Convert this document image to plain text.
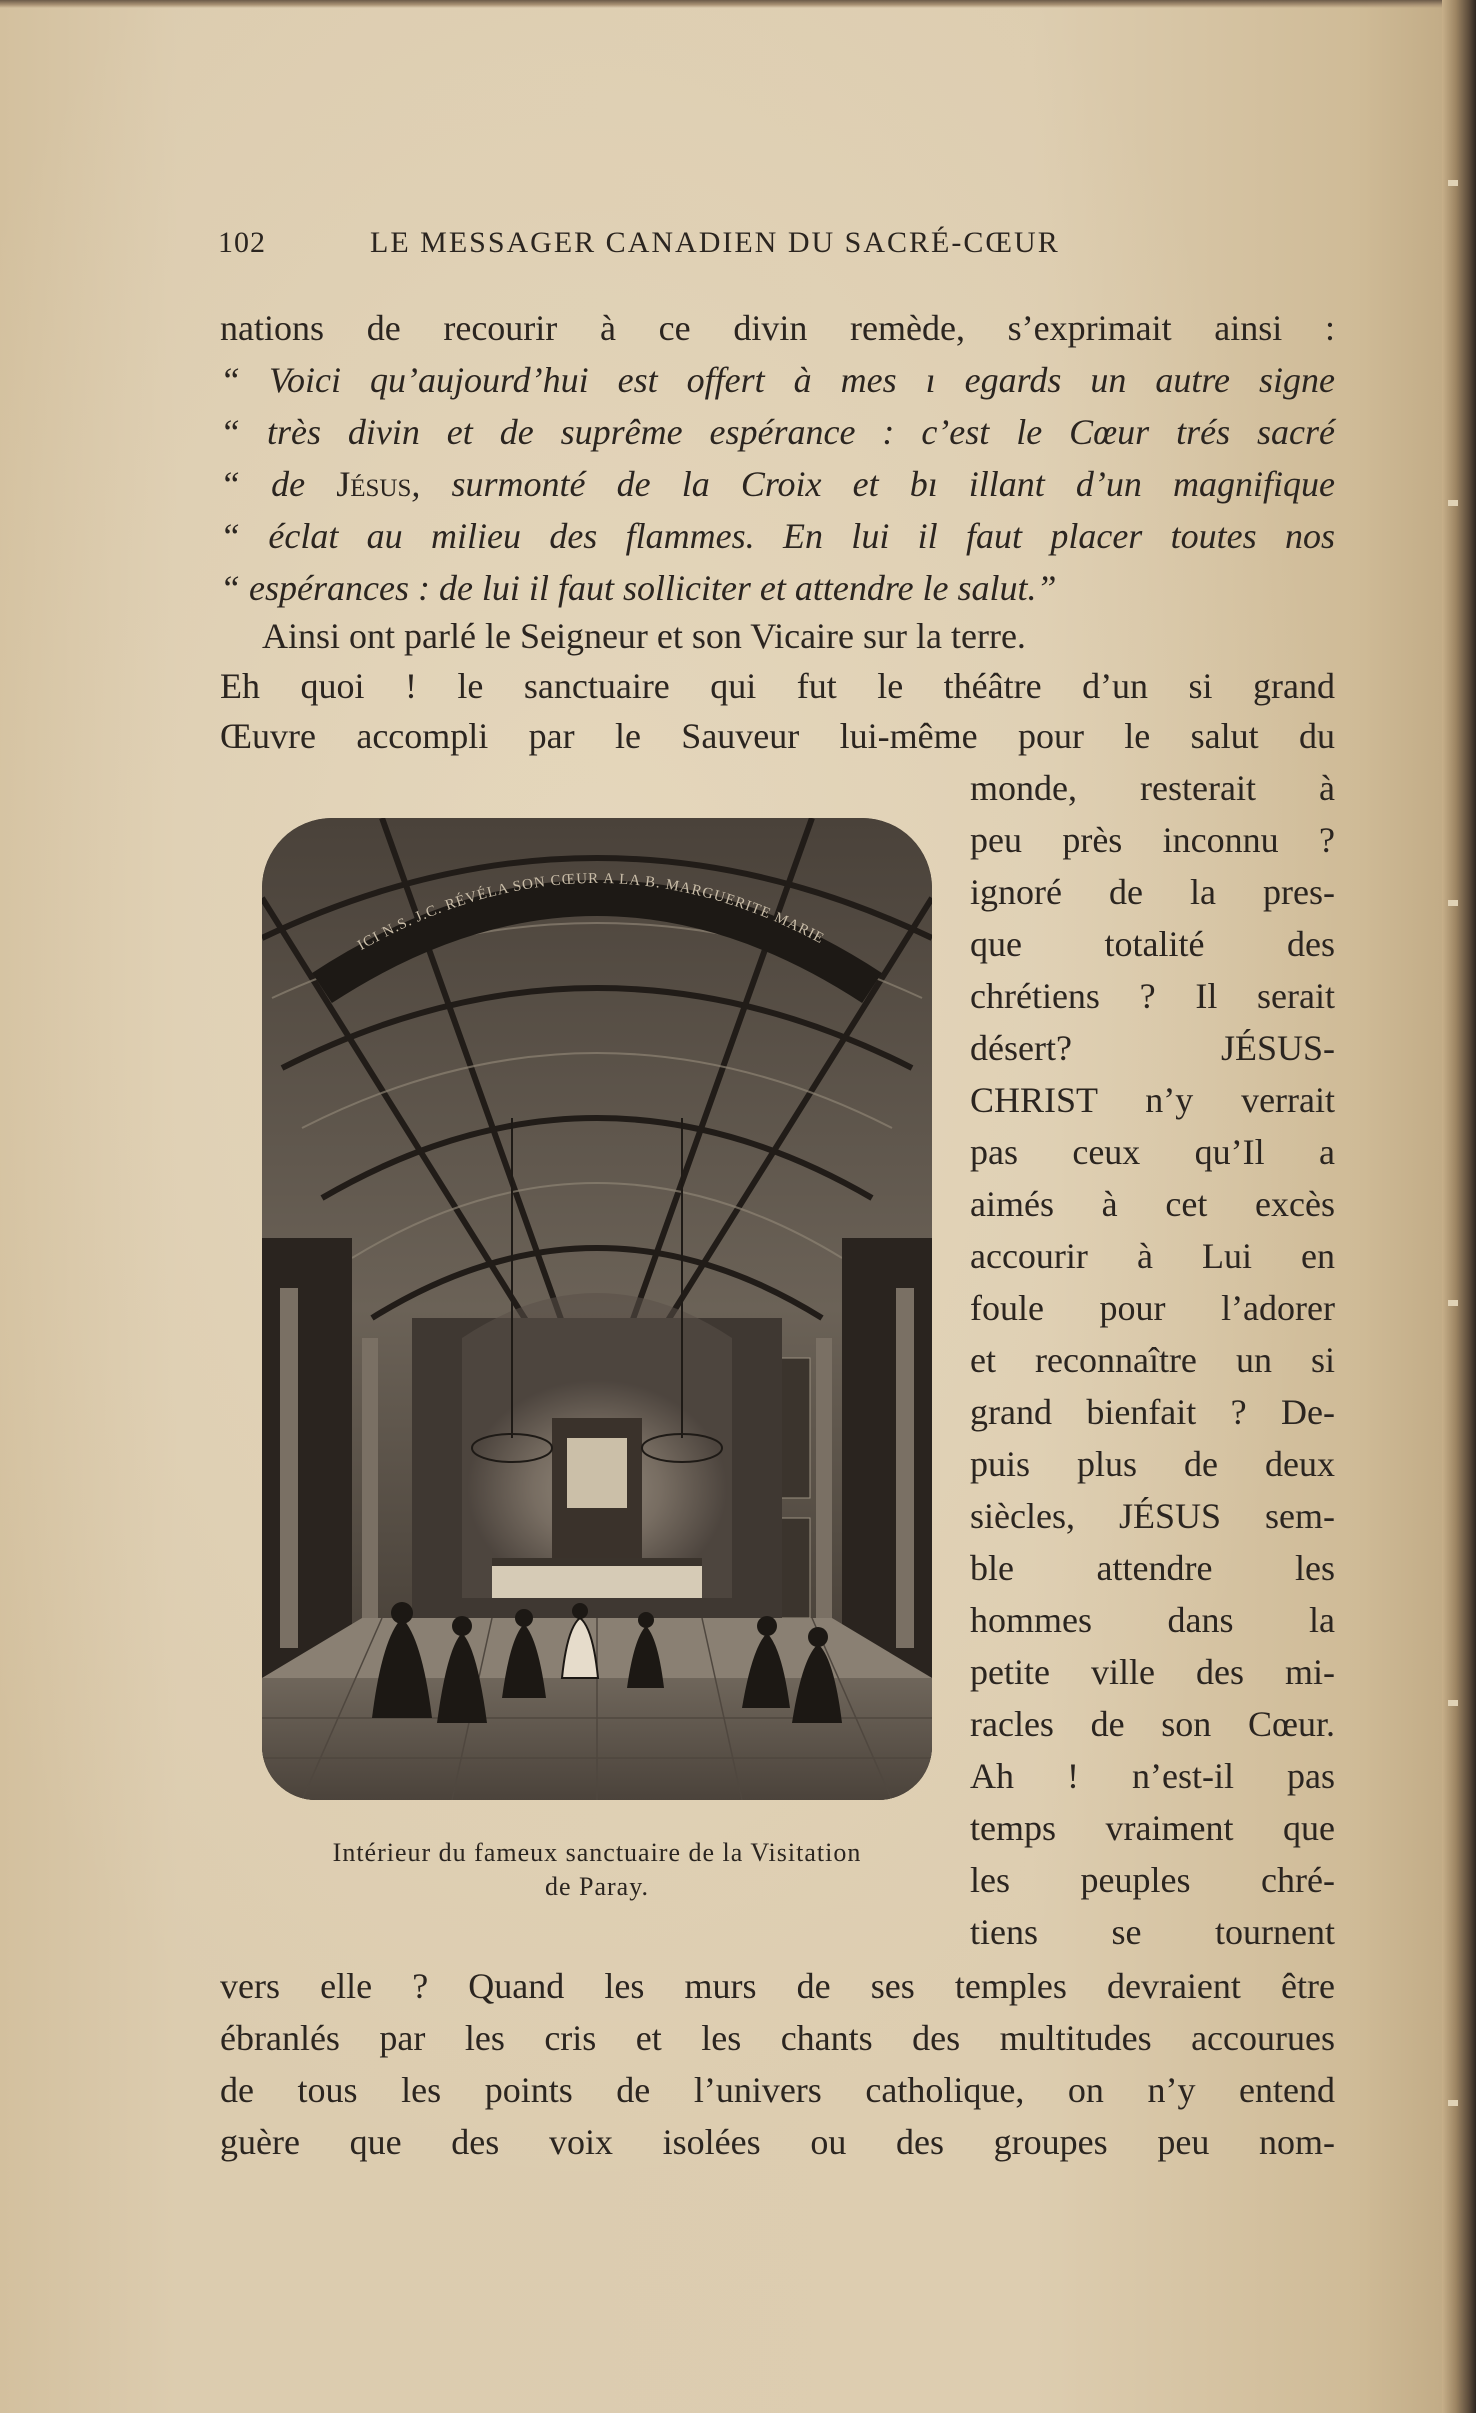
102	LE MESSAGER CANADIEN DU SACRÉ-CŒUR
nations de recourir à ce divin remède, s’exprimait ainsi :
“ Voici qu’aujourd’hui est offert à mes ı egards un autre signe
“ très divin et de suprême espérance : c’est le Cœur trés sacré
“ de Jésus, surmonté de la Croix et bı illant d’un magnifique
“ éclat au milieu des flammes. En lui il faut placer toutes nos
“ espérances : de lui il faut solliciter et attendre le salut.”
Ainsi ont parlé le Seigneur et son Vicaire sur la terre.
Eh quoi ! le sanctuaire qui fut le théâtre d’un si grand
Œuvre accompli par le Sauveur lui-même pour le salut du
monde, resterait à
peu près inconnu ?
ignoré de la pres-
que totalité des
chrétiens ? Il serait
désert? JÉSUS-
CHRIST n’y verrait
pas ceux qu’Il a
aimés à cet excès
accourir à Lui en
foule pour l’adorer
et reconnaître un si
grand bienfait ? De-
puis plus de deux
siècles, JÉSUS sem-
ble attendre les
hommes dans la
petite ville des mi-
racles de son Cœur.
Ah ! n’est-il pas
temps vraiment que
les peuples chré-
tiens se tournent
ICI N.S. J.C. RÉVÉLA SON CŒUR A LA B. MARGUERITE MARIE
Intérieur du fameux sanctuaire de la Visitation
de Paray.
vers elle ? Quand les murs de ses temples devraient être
ébranlés par les cris et les chants des multitudes accourues
de tous les points de l’univers catholique, on n’y entend
guère que des voix isolées ou des groupes peu nom-
